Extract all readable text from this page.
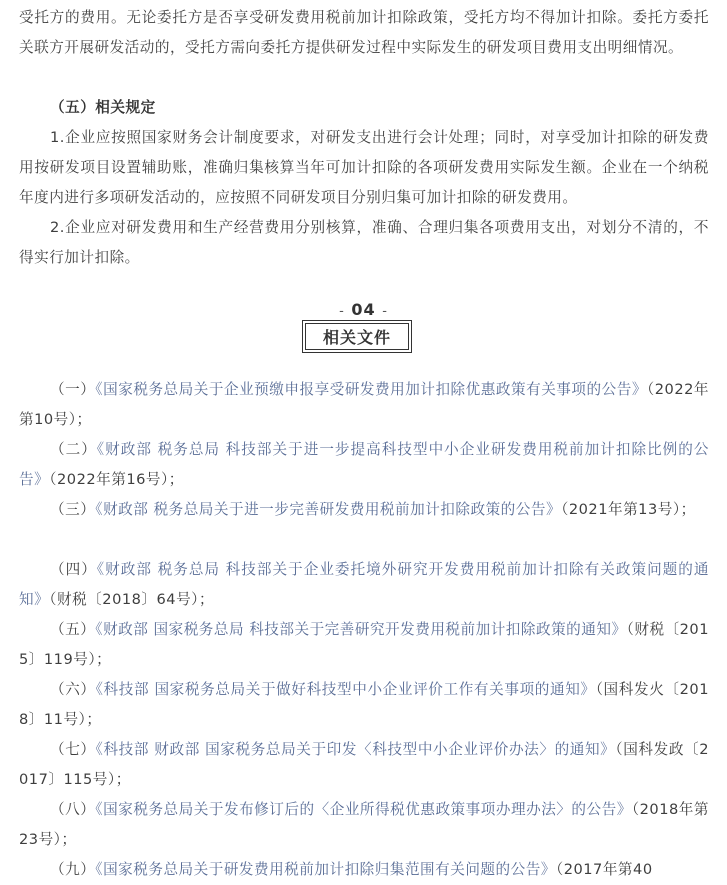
受托方的费用。无论委托方是否享受研发费用税前加计扣除政策，受托方均不得加计扣除。委托方委托关联方开展研发活动的，受托方需向委托方提供研发过程中实际发生的研发项目费用支出明细情况。

（五）相关规定

1.企业应按照国家财务会计制度要求，对研发支出进行会计处理；同时，对享受加计扣除的研发费用按研发项目设置辅助账，准确归集核算当年可加计扣除的各项研发费用实际发生额。企业在一个纳税年度内进行多项研发活动的，应按照不同研发项目分别归集可加计扣除的研发费用。

2.企业应对研发费用和生产经营费用分别核算，准确、合理归集各项费用支出，对划分不清的，不得实行加计扣除。

- 04 -
相关文件

（一）《国家税务总局关于企业预缴申报享受研发费用加计扣除优惠政策有关事项的公告》（2022年第10号）；

（二）《财政部 税务总局 科技部关于进一步提高科技型中小企业研发费用税前加计扣除比例的公告》（2022年第16号）；

（三）《财政部 税务总局关于进一步完善研发费用税前加计扣除政策的公告》（2021年第13号）；

（四）《财政部 税务总局 科技部关于企业委托境外研究开发费用税前加计扣除有关政策问题的通知》（财税〔2018〕64号）；

（五）《财政部 国家税务总局 科技部关于完善研究开发费用税前加计扣除政策的通知》（财税〔2015〕119号）；

（六）《科技部 国家税务总局关于做好科技型中小企业评价工作有关事项的通知》（国科发火〔2018〕11号）；

（七）《科技部 财政部 国家税务总局关于印发〈科技型中小企业评价办法〉的通知》（国科发政〔2017〕115号）；

（八）《国家税务总局关于发布修订后的〈企业所得税优惠政策事项办理办法〉的公告》（2018年第23号）；

（九）《国家税务总局关于研发费用税前加计扣除归集范围有关问题的公告》（2017年第40
